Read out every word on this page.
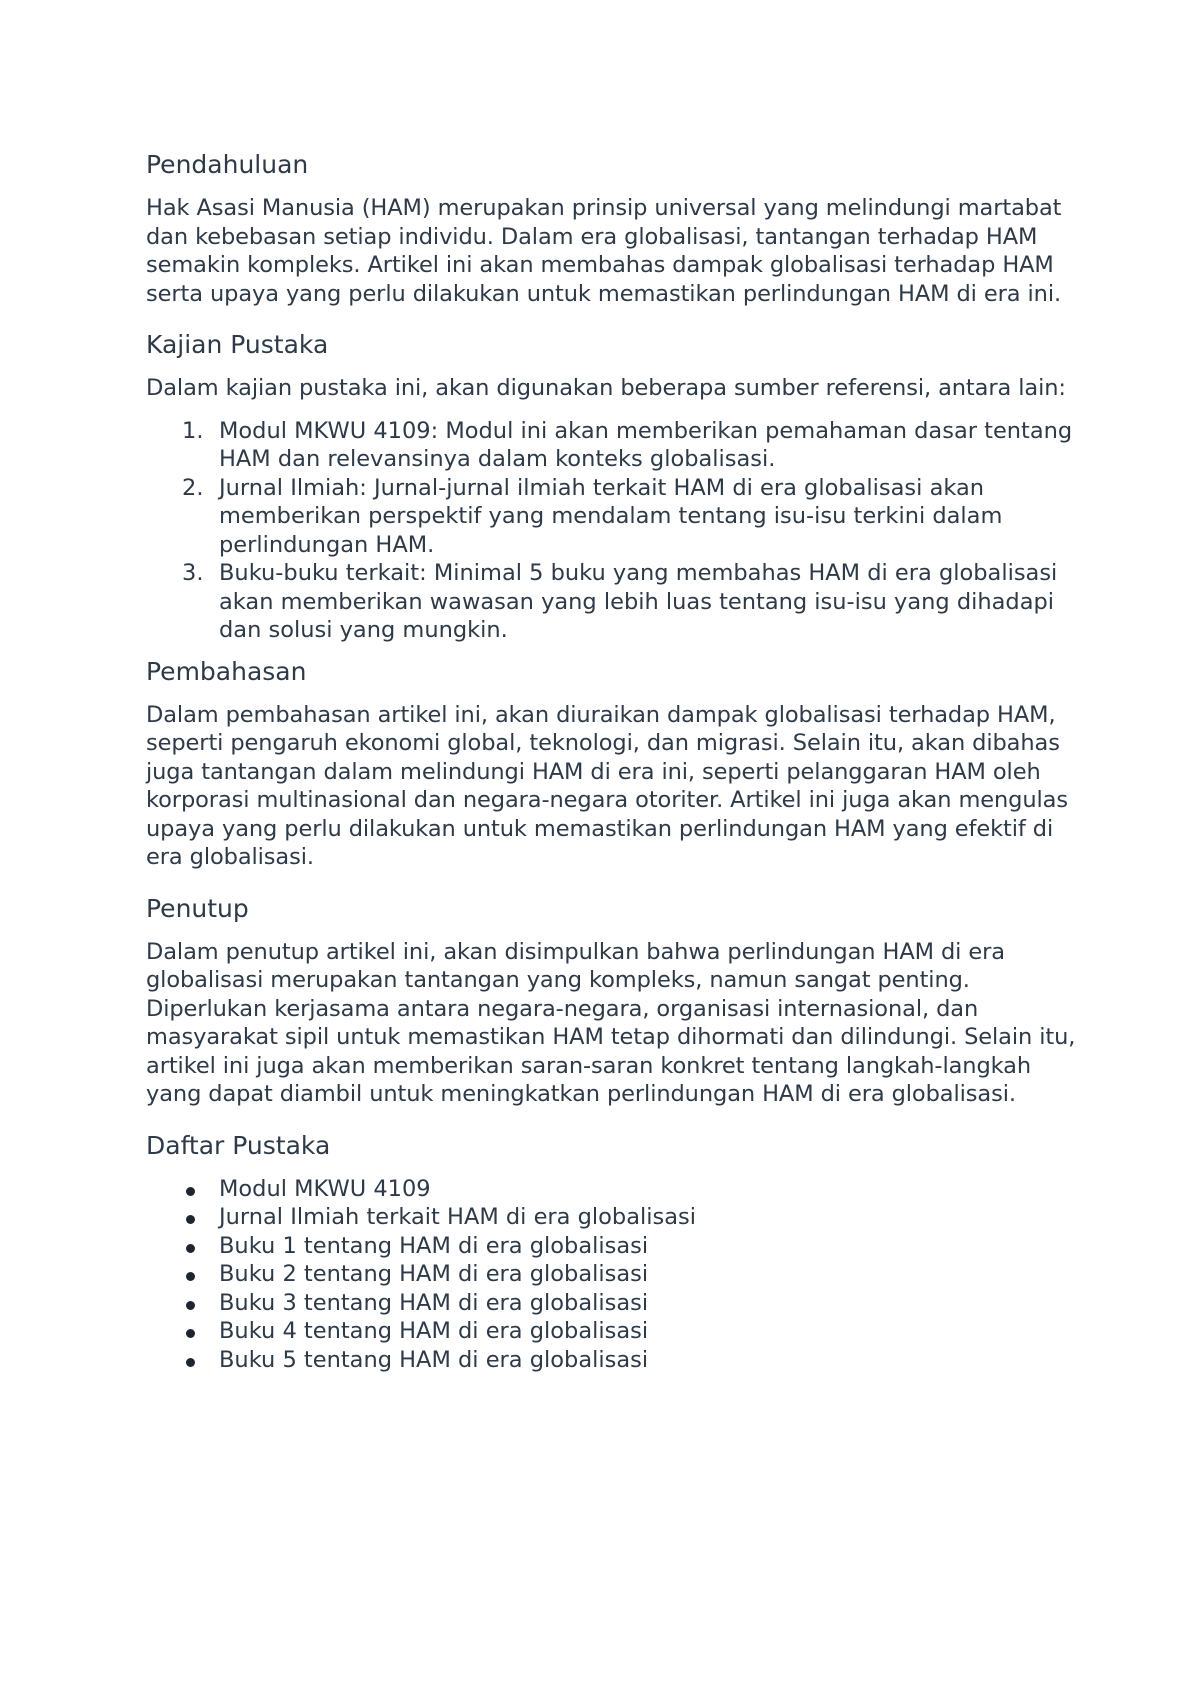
Pendahuluan

Hak Asasi Manusia (HAM) merupakan prinsip universal yang melindungi martabat dan kebebasan setiap individu. Dalam era globalisasi, tantangan terhadap HAM semakin kompleks. Artikel ini akan membahas dampak globalisasi terhadap HAM serta upaya yang perlu dilakukan untuk memastikan perlindungan HAM di era ini.

Kajian Pustaka

Dalam kajian pustaka ini, akan digunakan beberapa sumber referensi, antara lain:

1. Modul MKWU 4109: Modul ini akan memberikan pemahaman dasar tentang HAM dan relevansinya dalam konteks globalisasi.
2. Jurnal Ilmiah: Jurnal-jurnal ilmiah terkait HAM di era globalisasi akan memberikan perspektif yang mendalam tentang isu-isu terkini dalam perlindungan HAM.
3. Buku-buku terkait: Minimal 5 buku yang membahas HAM di era globalisasi akan memberikan wawasan yang lebih luas tentang isu-isu yang dihadapi dan solusi yang mungkin.
Pembahasan

Dalam pembahasan artikel ini, akan diuraikan dampak globalisasi terhadap HAM, seperti pengaruh ekonomi global, teknologi, dan migrasi. Selain itu, akan dibahas juga tantangan dalam melindungi HAM di era ini, seperti pelanggaran HAM oleh korporasi multinasional dan negara-negara otoriter. Artikel ini juga akan mengulas upaya yang perlu dilakukan untuk memastikan perlindungan HAM yang efektif di era globalisasi.

Penutup

Dalam penutup artikel ini, akan disimpulkan bahwa perlindungan HAM di era globalisasi merupakan tantangan yang kompleks, namun sangat penting. Diperlukan kerjasama antara negara-negara, organisasi internasional, dan masyarakat sipil untuk memastikan HAM tetap dihormati dan dilindungi. Selain itu, artikel ini juga akan memberikan saran-saran konkret tentang langkah-langkah yang dapat diambil untuk meningkatkan perlindungan HAM di era globalisasi.

Daftar Pustaka
Modul MKWU 4109
Jurnal Ilmiah terkait HAM di era globalisasi
Buku 1 tentang HAM di era globalisasi
Buku 2 tentang HAM di era globalisasi
Buku 3 tentang HAM di era globalisasi
Buku 4 tentang HAM di era globalisasi
Buku 5 tentang HAM di era globalisasi
